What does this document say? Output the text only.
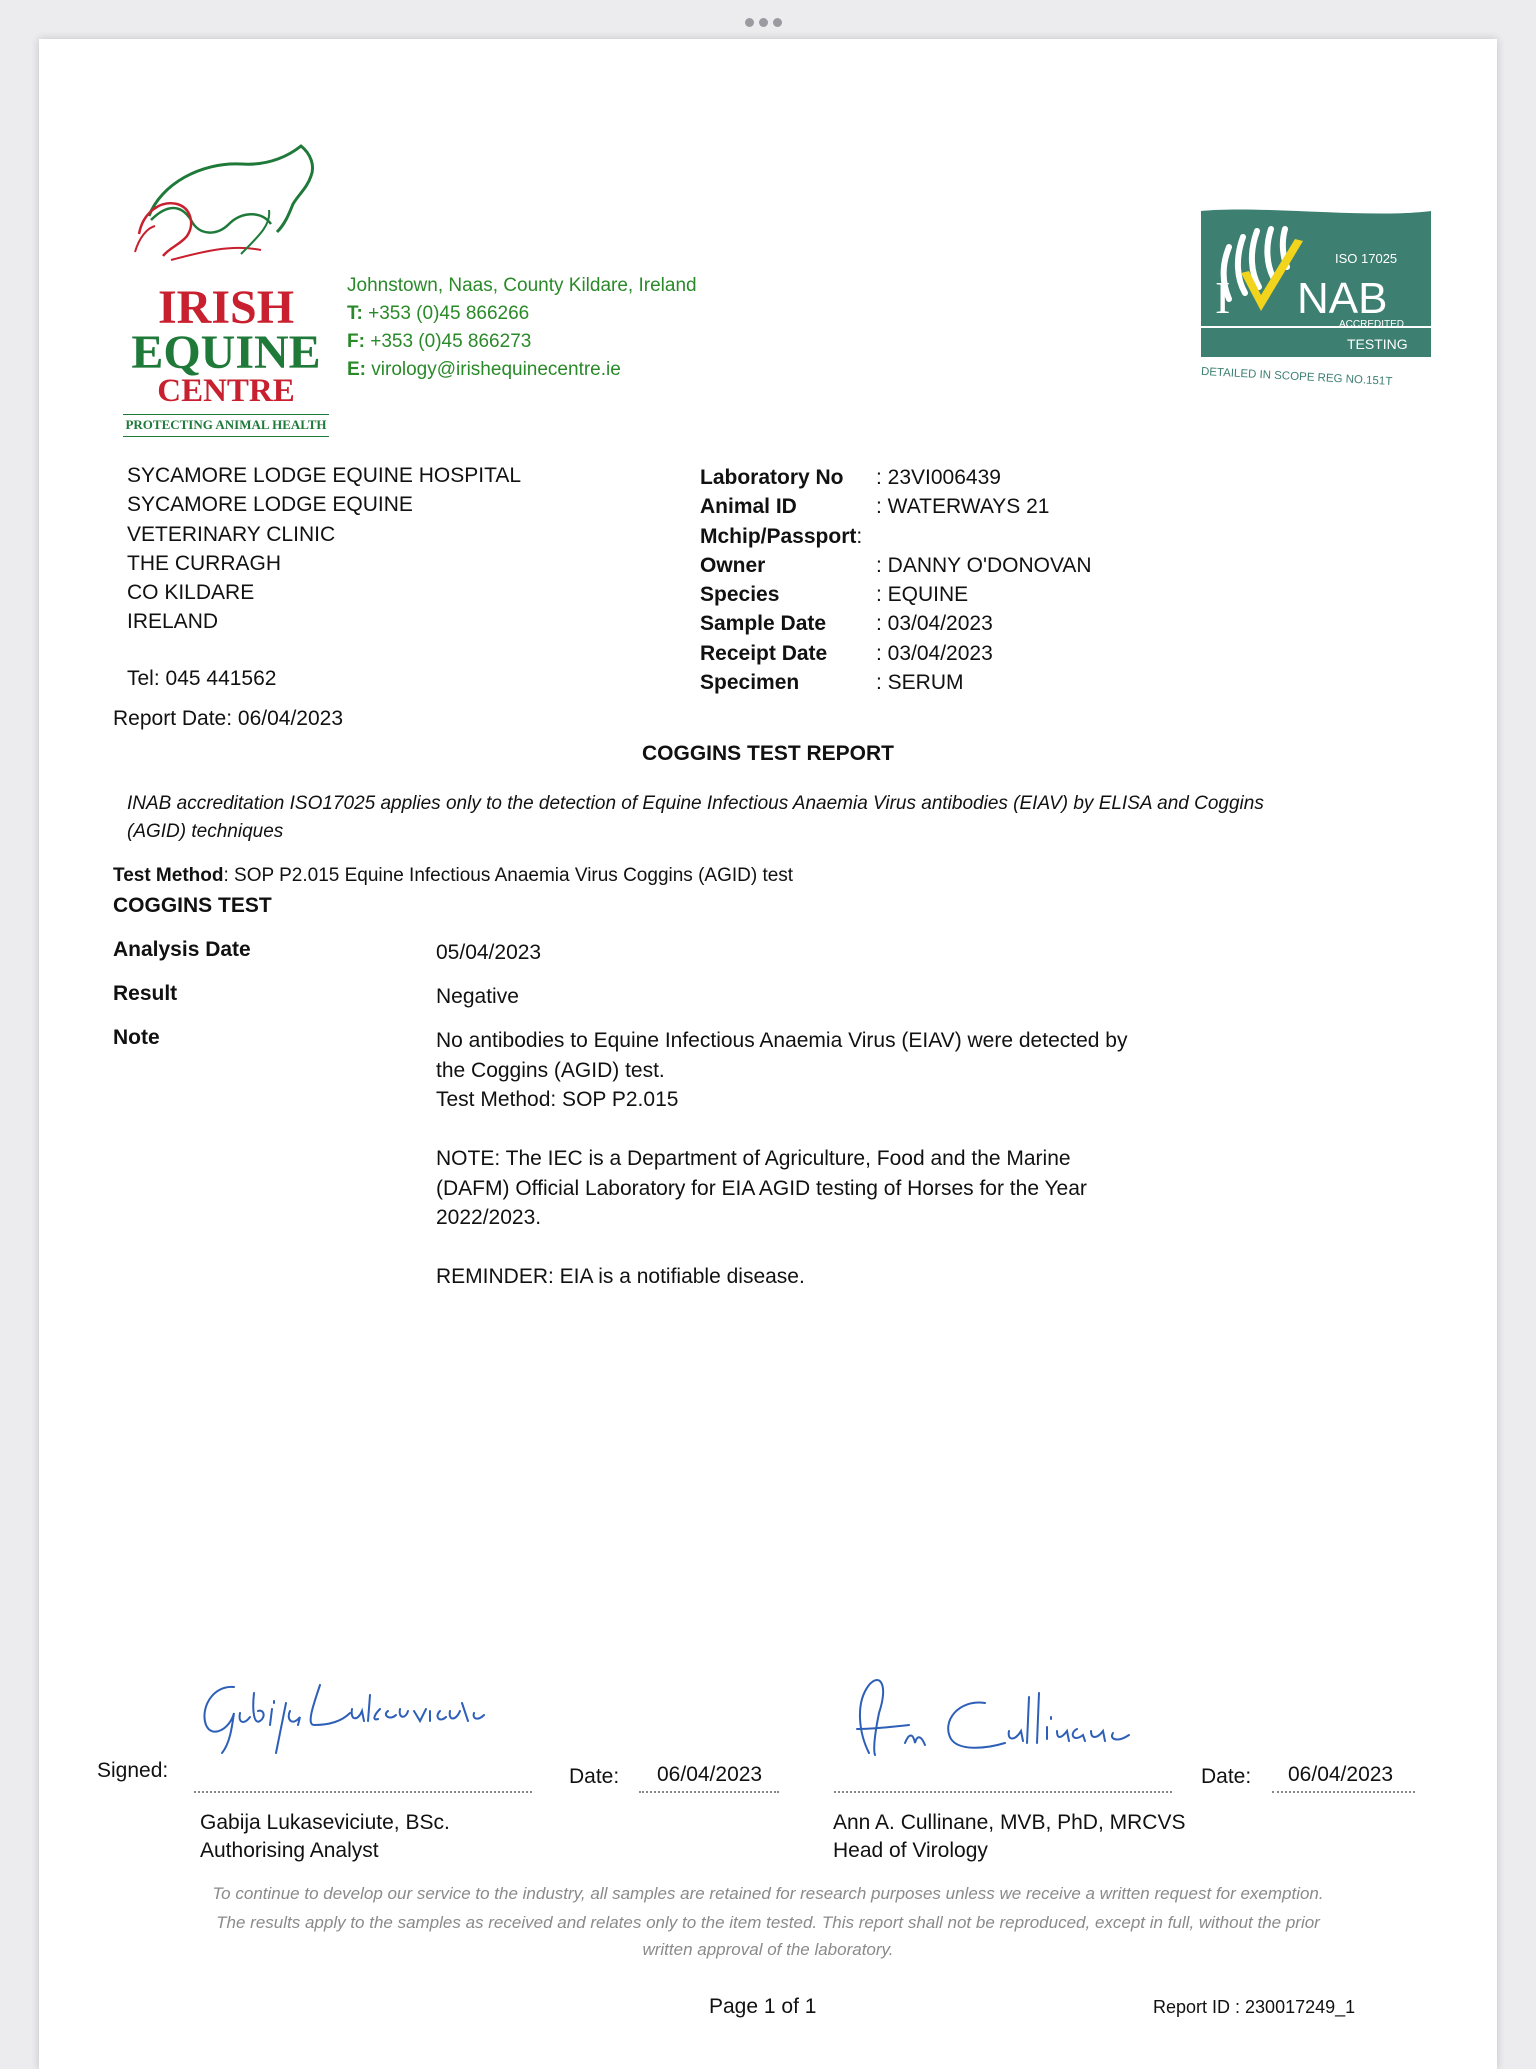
IRISH
EQUINE
CENTRE
PROTECTING ANIMAL HEALTH
Johnstown, Naas, County Kildare, Ireland
T: +353 (0)45 866266
F: +353 (0)45 866273
E: virology@irishequinecentre.ie
I NAB
ISO 17025
ACCREDITED
TESTING
DETAILED IN SCOPE REG NO.151T
SYCAMORE LODGE EQUINE HOSPITAL
SYCAMORE LODGE EQUINE
VETERINARY CLINIC
THE CURRAGH
CO KILDARE
IRELAND
Tel: 045 441562
Report Date: 06/04/2023
Laboratory No	: 23VI006439
Animal ID	: WATERWAYS 21
Mchip/Passport :
Owner	: DANNY O'DONOVAN
Species	: EQUINE
Sample Date	: 03/04/2023
Receipt Date	: 03/04/2023
Specimen	: SERUM
COGGINS TEST REPORT
INAB accreditation ISO17025 applies only to the detection of Equine Infectious Anaemia Virus antibodies (EIAV) by ELISA and Coggins (AGID) techniques
Test Method: SOP P2.015 Equine Infectious Anaemia Virus Coggins (AGID) test
COGGINS TEST
Analysis Date	05/04/2023
Result	Negative
Note	No antibodies to Equine Infectious Anaemia Virus (EIAV) were detected by
the Coggins (AGID) test.
Test Method: SOP P2.015
NOTE: The IEC is a Department of Agriculture, Food and the Marine
(DAFM) Official Laboratory for EIA AGID testing of Horses for the Year
2022/2023.
REMINDER: EIA is a notifiable disease.
Signed:	Date: 06/04/2023
Gabija Lukaseviciute, BSc.
Authorising Analyst
Date: 06/04/2023
Ann A. Cullinane, MVB, PhD, MRCVS
Head of Virology
To continue to develop our service to the industry, all samples are retained for research purposes unless we receive a written request for exemption.
The results apply to the samples as received and relates only to the item tested. This report shall not be reproduced, except in full, without the prior
written approval of the laboratory.
Page 1 of 1	Report ID : 230017249_1
